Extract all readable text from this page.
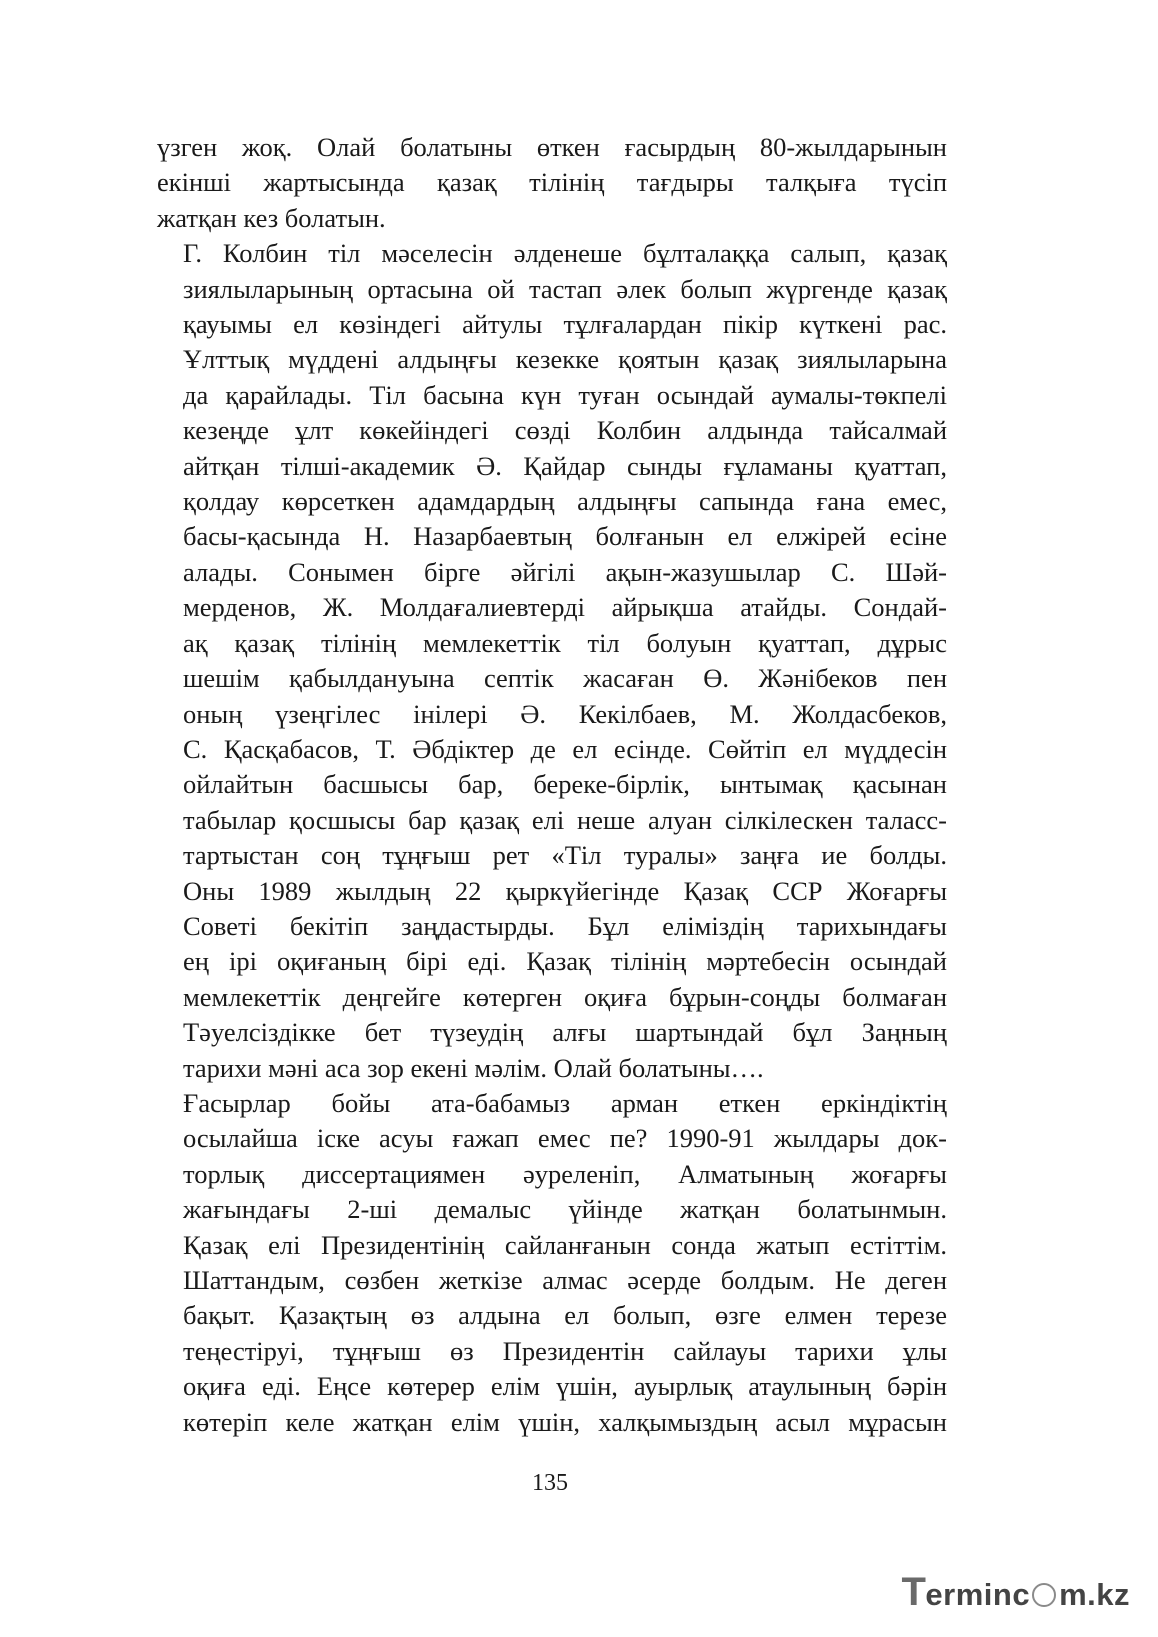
үзген жоқ. Олай болатыны өткен ғасырдың 80-жылдарынын
екінші жартысында қазақ тілінің тағдыры талқыға түсіп
жатқан кез болатын.
Г. Колбин тіл мәселесін әлденеше бұлталаққа салып, қазақ
зиялыларының ортасына ой тастап әлек болып жүргенде қазақ
қауымы ел көзіндегі айтулы тұлғалардан пікір күткені рас.
Ұлттық мүддені алдыңғы кезекке қоятын қазақ зиялыларына
да қарайлады. Тіл басына күн туған осындай аумалы-төкпелі
кезеңде ұлт көкейіндегі сөзді Колбин алдында тайсалмай
айтқан тілші-академик Ә. Қайдар сынды ғұламаны қуаттап,
қолдау көрсеткен адамдардың алдыңғы сапында ғана емес,
басы-қасында Н. Назарбаевтың болғанын ел елжірей есіне
алады. Сонымен бірге әйгілі ақын-жазушылар С. Шәй-
мерденов, Ж. Молдағалиевтерді айрықша атайды. Сондай-
ақ қазақ тілінің мемлекеттік тіл болуын қуаттап, дұрыс
шешім қабылдануына септік жасаған Ө. Жәнібеков пен
оның үзеңгілес інілері Ә. Кекілбаев, М. Жолдасбеков,
С. Қасқабасов, Т. Әбдіктер де ел есінде. Сөйтіп ел мүддесін
ойлайтын басшысы бар, береке-бірлік, ынтымақ қасынан
табылар қосшысы бар қазақ елі неше алуан сілкілескен таласс-
тартыстан соң тұңғыш рет «Тіл туралы» заңға ие болды.
Оны 1989 жылдың 22 қыркүйегінде Қазақ ССР Жоғарғы
Советі бекітіп заңдастырды. Бұл еліміздің тарихындағы
ең ірі оқиғаның бірі еді. Қазақ тілінің мәртебесін осындай
мемлекеттік деңгейге көтерген оқиға бұрын-соңды болмаған
Тәуелсіздікке бет түзеудің алғы шартындай бұл Заңның
тарихи мәні аса зор екені мәлім. Олай болатыны….
Ғасырлар бойы ата-бабамыз арман еткен еркіндіктің
осылайша іске асуы ғажап емес пе? 1990-91 жылдары док-
торлық диссертациямен әуреленіп, Алматының жоғарғы
жағындағы 2-ші демалыс үйінде жатқан болатынмын.
Қазақ елі Президентінің сайланғанын сонда жатып естіттім.
Шаттандым, сөзбен жеткізе алмас әсерде болдым. Не деген
бақыт. Қазақтың өз алдына ел болып, өзге елмен терезе
теңестіруі, тұңғыш өз Президентін сайлауы тарихи ұлы
оқиға еді. Еңсе көтерер елім үшін, ауырлық атаулының бәрін
көтеріп келе жатқан елім үшін, халқымыздың асыл мұрасын
135
T erminc m.kz
